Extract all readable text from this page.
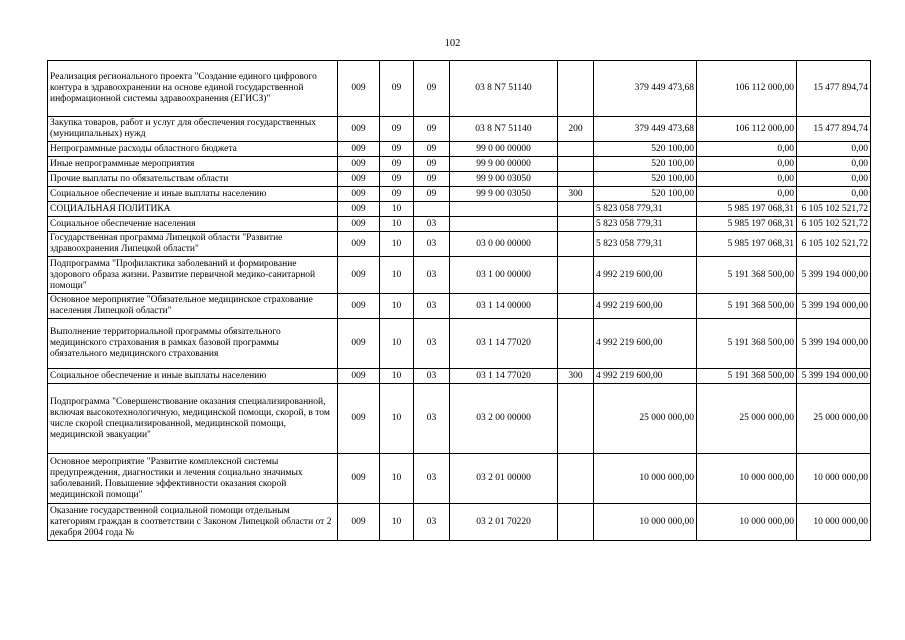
102
Реализация регионального проекта "Создание единого цифрового контура в здравоохранении на основе единой государственной информационной системы здравоохранения (ЕГИСЗ)"	009	09	09	03 8 N7 51140		379 449 473,68	106 112 000,00	15 477 894,74
Закупка товаров, работ и услуг для обеспечения государственных (муниципальных) нужд	009	09	09	03 8 N7 51140	200	379 449 473,68	106 112 000,00	15 477 894,74
Непрограммные расходы областного бюджета	009	09	09	99 0 00 00000		520 100,00	0,00	0,00
Иные непрограммные мероприятия	009	09	09	99 9 00 00000		520 100,00	0,00	0,00
Прочие выплаты по обязательствам области	009	09	09	99 9 00 03050		520 100,00	0,00	0,00
Социальное обеспечение и иные выплаты населению	009	09	09	99 9 00 03050	300	520 100,00	0,00	0,00
СОЦИАЛЬНАЯ ПОЛИТИКА	009	10				5 823 058 779,31	5 985 197 068,31	6 105 102 521,72
Социальное обеспечение населения	009	10	03			5 823 058 779,31	5 985 197 068,31	6 105 102 521,72
Государственная программа Липецкой области "Развитие здравоохранения Липецкой области"	009	10	03	03 0 00 00000		5 823 058 779,31	5 985 197 068,31	6 105 102 521,72
Подпрограмма "Профилактика заболеваний и формирование здорового образа жизни. Развитие первичной медико-санитарной помощи"	009	10	03	03 1 00 00000		4 992 219 600,00	5 191 368 500,00	5 399 194 000,00
Основное мероприятие "Обязательное медицинское страхование населения Липецкой области"	009	10	03	03 1 14 00000		4 992 219 600,00	5 191 368 500,00	5 399 194 000,00
Выполнение территориальной программы обязательного медицинского страхования в рамках базовой программы обязательного медицинского страхования	009	10	03	03 1 14 77020		4 992 219 600,00	5 191 368 500,00	5 399 194 000,00
Социальное обеспечение и иные выплаты населению	009	10	03	03 1 14 77020	300	4 992 219 600,00	5 191 368 500,00	5 399 194 000,00
Подпрограмма "Совершенствование оказания специализированной, включая высокотехнологичную, медицинской помощи, скорой, в том числе скорой специализированной, медицинской помощи, медицинской эвакуации"	009	10	03	03 2 00 00000		25 000 000,00	25 000 000,00	25 000 000,00
Основное мероприятие "Развитие комплексной системы предупреждения, диагностики и лечения социально значимых заболеваний. Повышение эффективности оказания скорой медицинской помощи"	009	10	03	03 2 01 00000		10 000 000,00	10 000 000,00	10 000 000,00
Оказание государственной социальной помощи отдельным категориям граждан в соответствии с Законом Липецкой области от 2 декабря 2004 года №	009	10	03	03 2 01 70220		10 000 000,00	10 000 000,00	10 000 000,00
